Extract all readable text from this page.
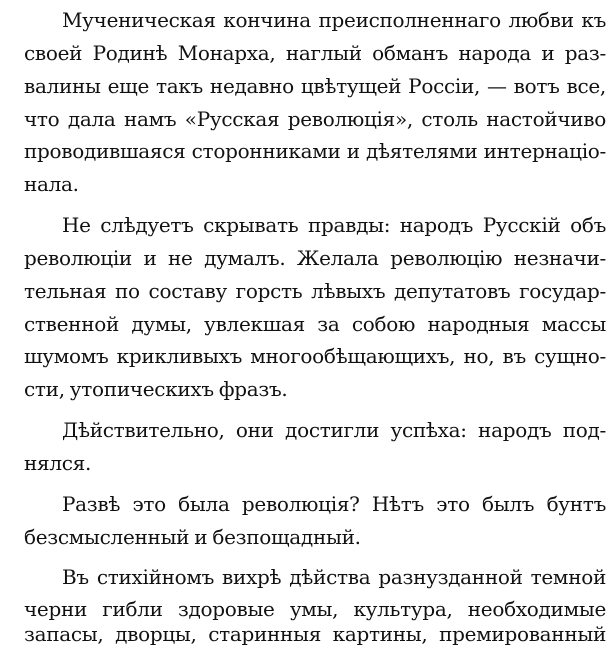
Мученическая кончина преисполненнаго любви къ
своей Родинѣ Монарха, наглый обманъ народа и раз-
валины еще такъ недавно цвѣтущей Россіи, — вотъ все,
что дала намъ «Русская революція», столь настойчиво
проводившаяся сторонниками и дѣятелями интернаціо-
нала.
Не слѣдуетъ скрывать правды: народъ Русскій объ
революціи и не думалъ. Желала революцію незначи-
тельная по составу горсть лѣвыхъ депутатовъ государ-
ственной думы, увлекшая за собою народныя массы
шумомъ крикливыхъ многообѣщающихъ, но, въ сущно-
сти, утопическихъ фразъ.
Дѣйствительно, они достигли успѣха: народъ под-
нялся.
Развѣ это была революція? Нѣтъ это былъ бунтъ
безсмысленный и безпощадный.
Въ стихійномъ вихрѣ дѣйства разнузданной темной
черни гибли здоровые умы, культура, необходимые
запасы, дворцы, старинныя картины, премированный
